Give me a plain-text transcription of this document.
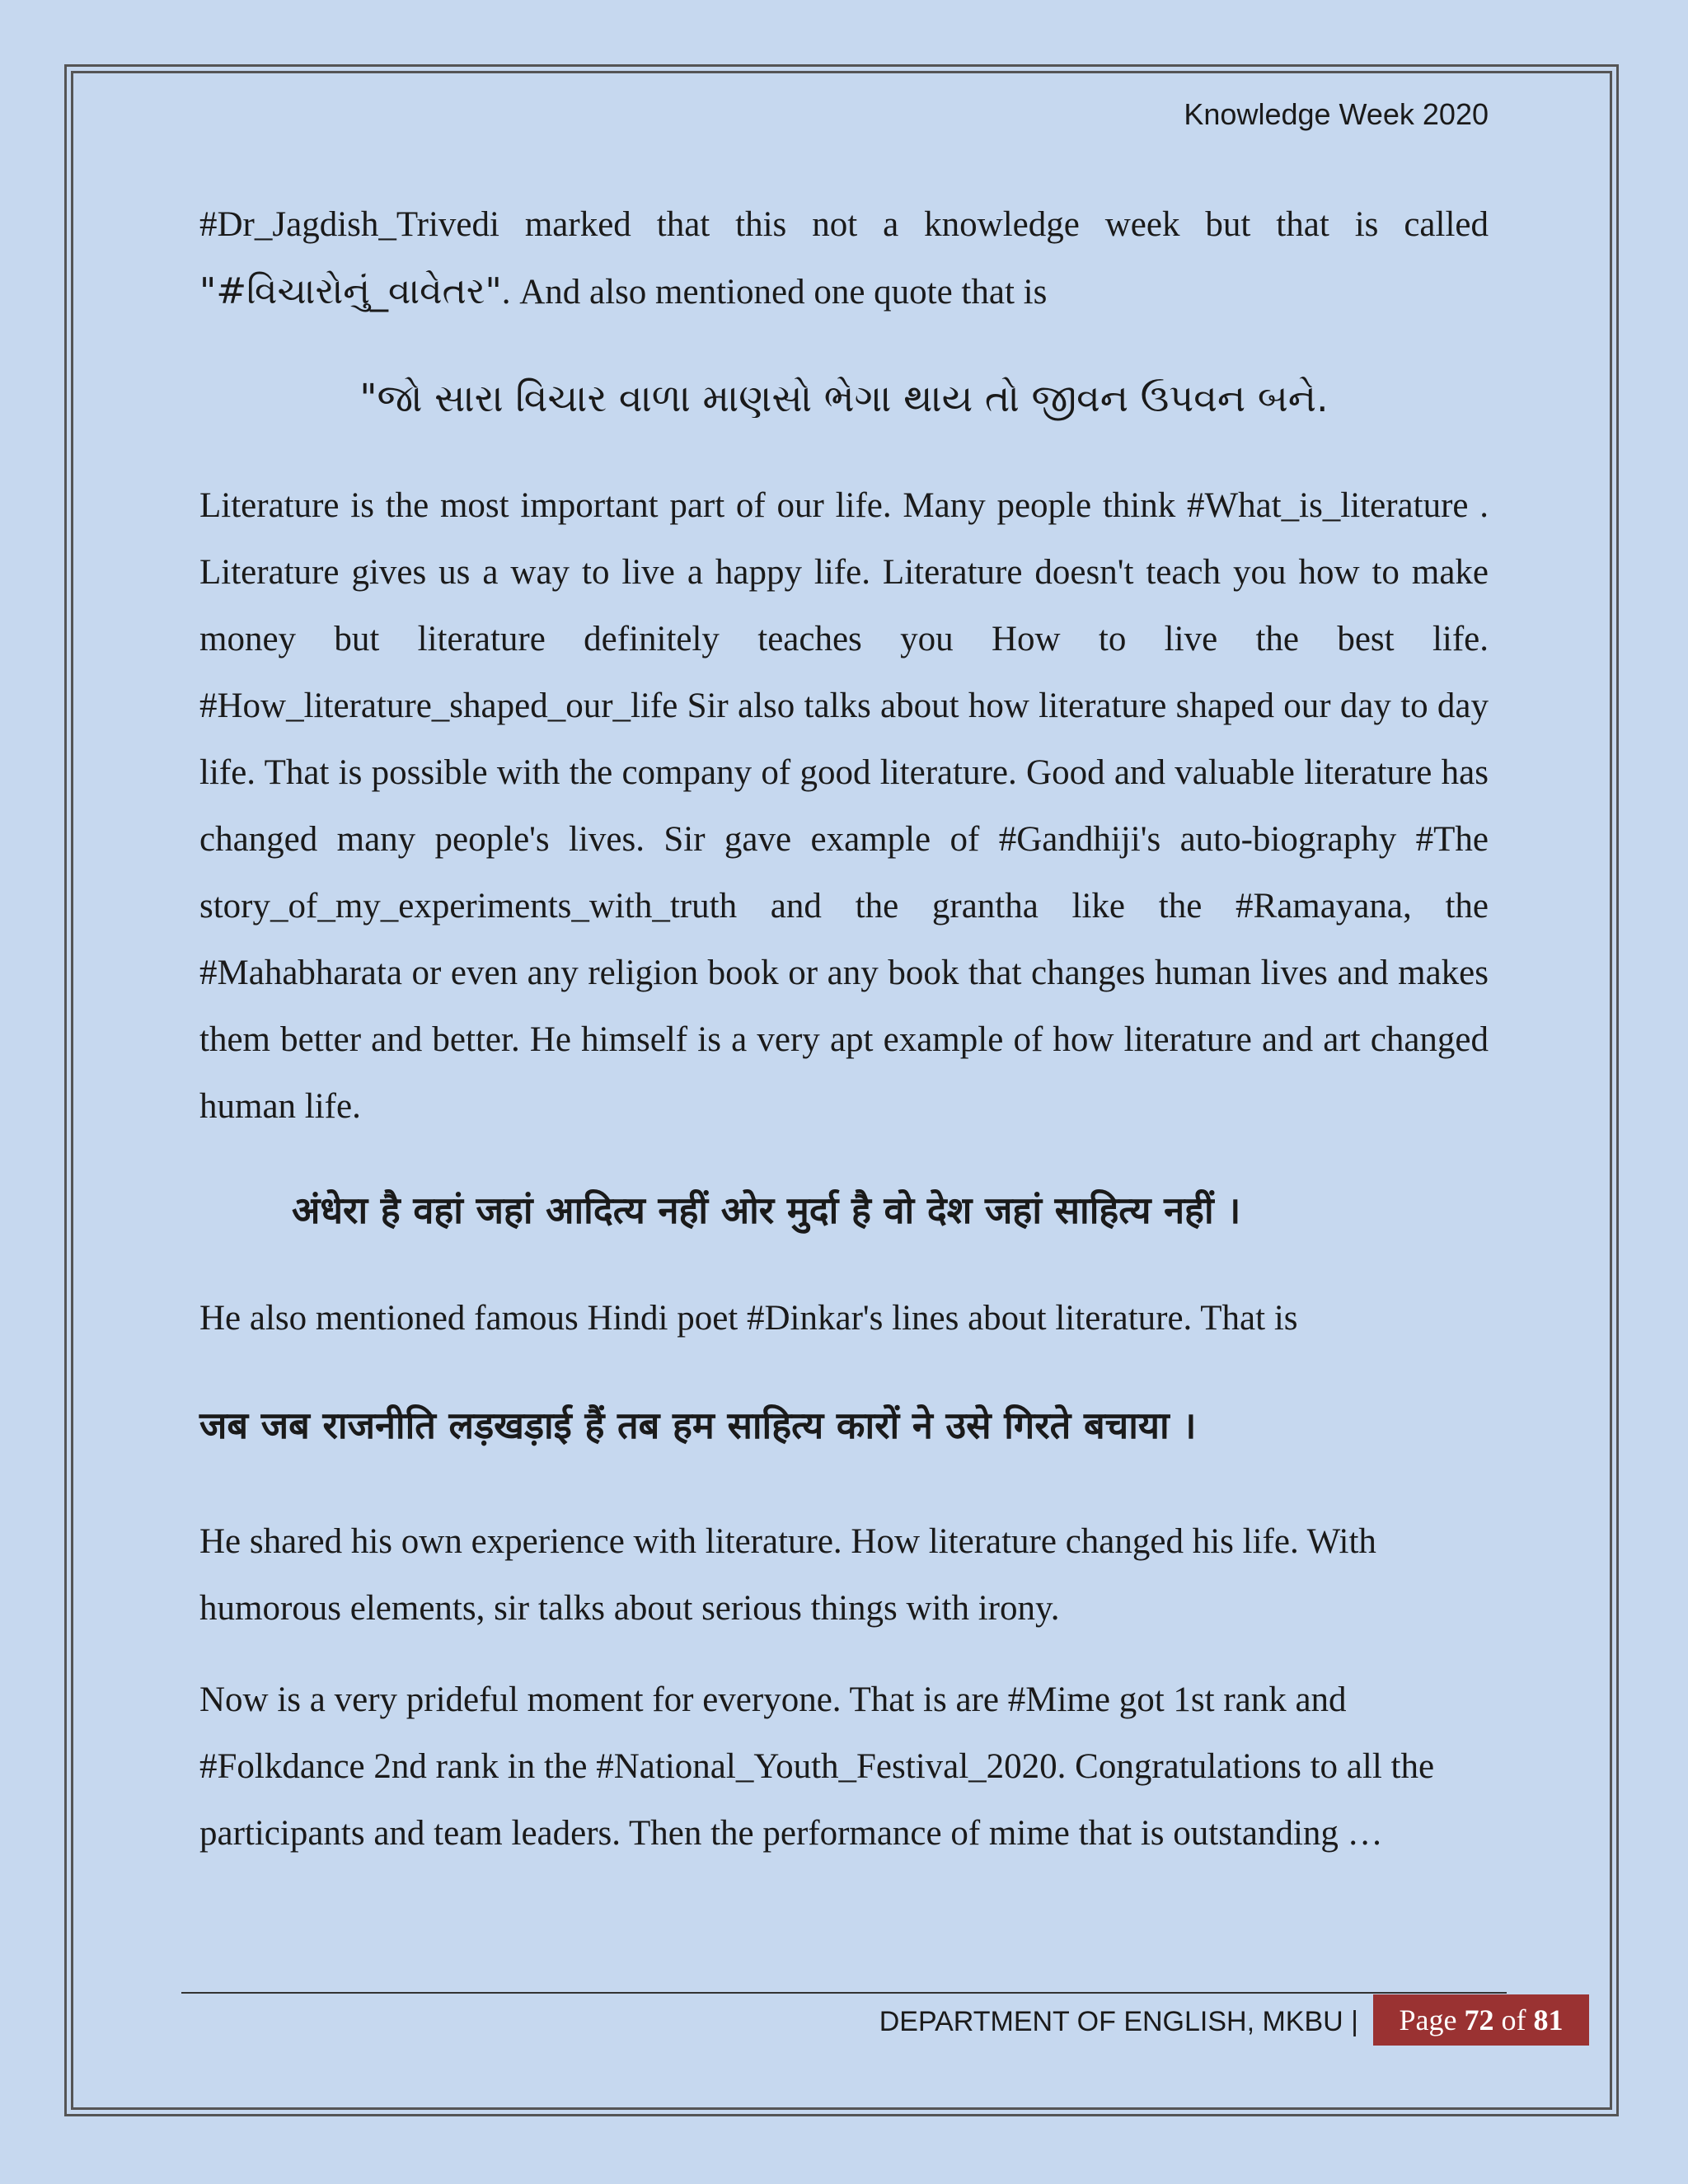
Knowledge Week 2020

#Dr_Jagdish_Trivedi marked that this not a knowledge week but that is called "#વિચારોનું_વાવેતર". And also mentioned one quote that is

"જો સારા વિચાર વાળા માણસો ભેગા થાય તો જીવન ઉપવન બને.

Literature is the most important part of our life. Many people think #What_is_literature . Literature gives us a way to live a happy life. Literature doesn't teach you how to make money but literature definitely teaches you How to live the best life. #How_literature_shaped_our_life Sir also talks about how literature shaped our day to day life. That is possible with the company of good literature. Good and valuable literature has changed many people's lives. Sir gave example of #Gandhiji's auto-biography #The story_of_my_experiments_with_truth and the grantha like the #Ramayana, the #Mahabharata or even any religion book or any book that changes human lives and makes them better and better. He himself is a very apt example of how literature and art changed human life.

अंधेरा है वहां जहां आदित्य नहीं ओर मुर्दा है वो देश जहां साहित्य नहीं ।

He also mentioned famous Hindi poet #Dinkar's lines about literature. That is

जब जब राजनीति लड़खड़ाई हैं तब हम साहित्य कारों ने उसे गिरते बचाया ।

He shared his own experience with literature. How literature changed his life. With humorous elements, sir talks about serious things with irony.

Now is a very prideful moment for everyone. That is are #Mime got 1st rank and #Folkdance 2nd rank in the #National_Youth_Festival_2020. Congratulations to all the participants and team leaders. Then the performance of mime that is outstanding …

DEPARTMENT OF ENGLISH, MKBU |	Page 72 of 81
